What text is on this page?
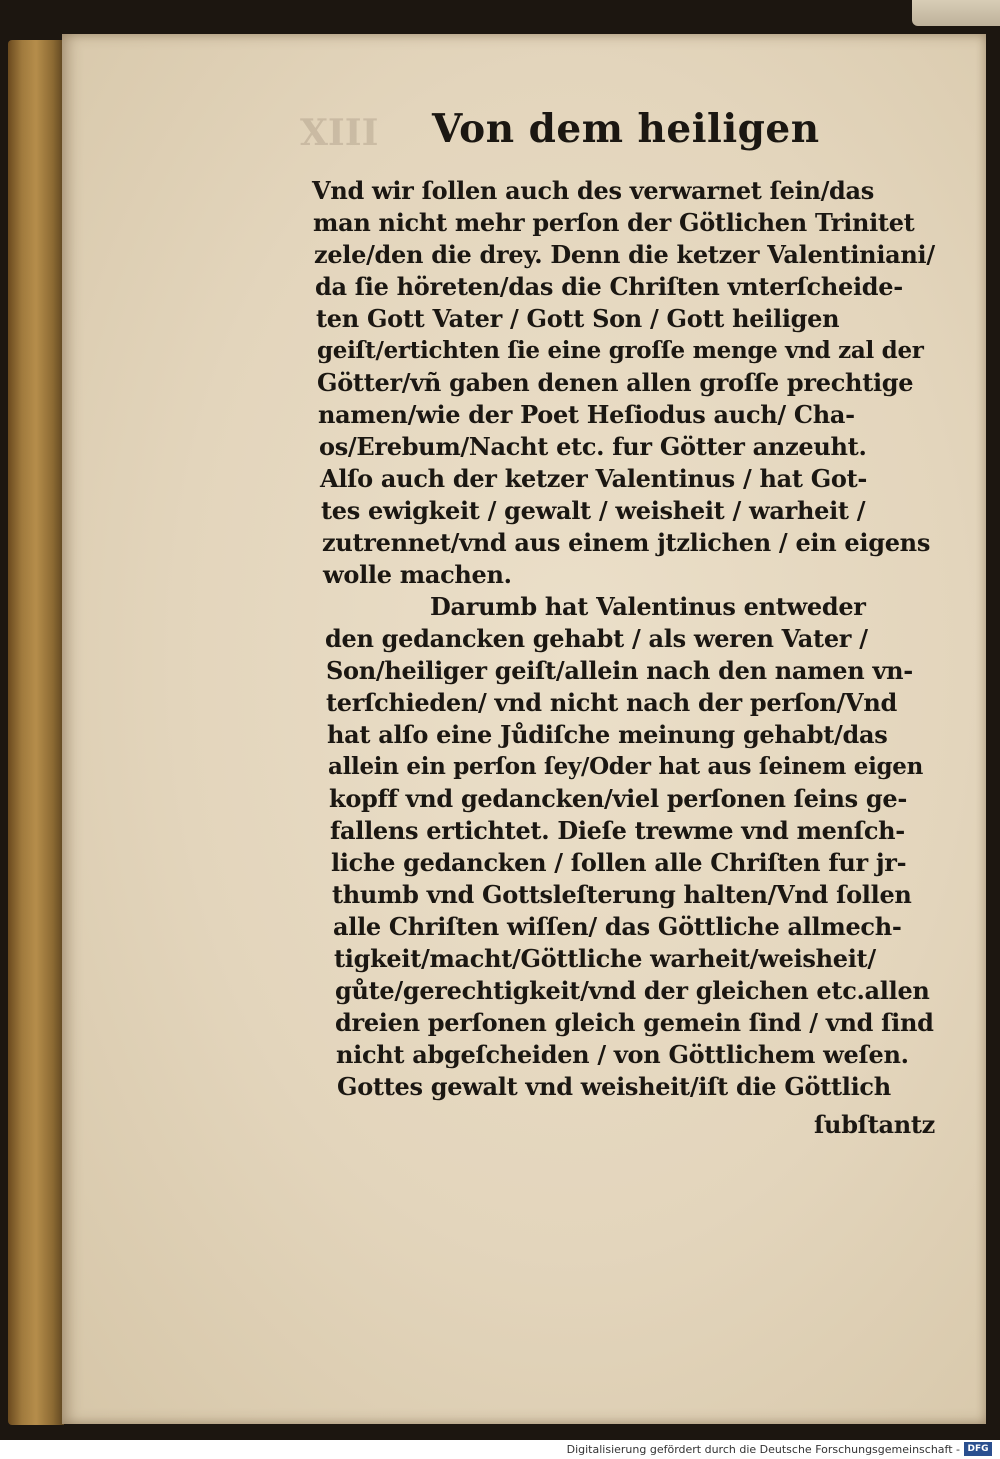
XIII	Von dem heiligen
Vnd wir ſollen auch des verwarnet ſein/das
man nicht mehr perſon der Götlichen Trinitet
zele/den die drey. Denn die ketzer Valentiniani/
da ſie höreten/das die Chriſten vnterſcheide-
ten Gott Vater / Gott Son / Gott heiligen
geiſt/ertichten ſie eine groſſe menge vnd zal der
Götter/vñ gaben denen allen groſſe prechtige
namen/wie der Poet Heſiodus auch/ Cha-
os/Erebum/Nacht etc. fur Götter anzeuht.
Alſo auch der ketzer Valentinus / hat Got-
tes ewigkeit / gewalt / weisheit / warheit /
zutrennet/vnd aus einem jtzlichen / ein eigens
wolle machen.
Darumb hat Valentinus entweder
den gedancken gehabt / als weren Vater /
Son/heiliger geiſt/allein nach den namen vn-
terſchieden/ vnd nicht nach der perſon/Vnd
hat alſo eine Jůdiſche meinung gehabt/das
allein ein perſon ſey/Oder hat aus ſeinem eigen
kopff vnd gedancken/viel perſonen ſeins ge-
fallens ertichtet. Dieſe trewme vnd menſch-
liche gedancken / ſollen alle Chriſten fur jr-
thumb vnd Gottsleſterung halten/Vnd ſollen
alle Chriſten wiſſen/ das Göttliche allmech-
tigkeit/macht/Göttliche warheit/weisheit/
gůte/gerechtigkeit/vnd der gleichen etc.allen
dreien perſonen gleich gemein ſind / vnd ſind
nicht abgeſcheiden / von Göttlichem weſen.
Gottes gewalt vnd weisheit/iſt die Göttlich
ſubſtantz
Digitalisierung gefördert durch die Deutsche Forschungsgemeinschaft - DFG
